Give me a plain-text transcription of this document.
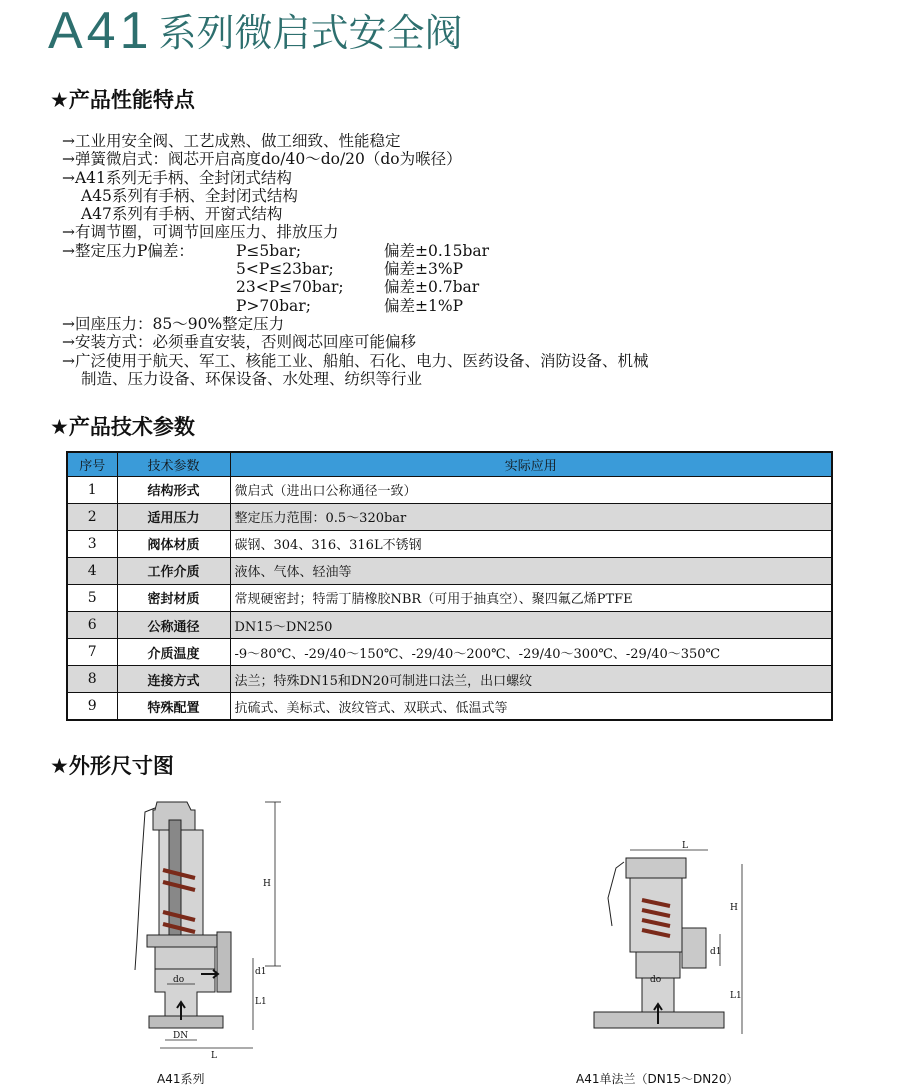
A41 系列微启式安全阀
★产品性能特点
→工业用安全阀、工艺成熟、做工细致、性能稳定
→弹簧微启式：阀芯开启高度do/40～do/20（do为喉径）
→A41系列无手柄、全封闭式结构
A45系列有手柄、全封闭式结构
A47系列有手柄、开窗式结构
→有调节圈，可调节回座压力、排放压力
→整定压力P偏差：	P≤5bar;	偏差±0.15bar
5<P≤23bar;	偏差±3%P
23<P≤70bar;	偏差±0.7bar
P>70bar;	偏差±1%P
→回座压力：85～90%整定压力
→安装方式：必须垂直安装，否则阀芯回座可能偏移
→广泛使用于航天、军工、核能工业、船舶、石化、电力、医药设备、消防设备、机械
制造、压力设备、环保设备、水处理、纺织等行业
★产品技术参数
序号	技术参数	实际应用
1	结构形式	微启式（进出口公称通径一致）
2	适用压力	整定压力范围：0.5～320bar
3	阀体材质	碳钢、304、316、316L不锈钢
4	工作介质	液体、气体、轻油等
5	密封材质	常规硬密封；特需丁腈橡胶NBR（可用于抽真空）、聚四氟乙烯PTFE
6	公称通径	DN15～DN250
7	介质温度	-9～80℃、-29/40～150℃、-29/40～200℃、-29/40～300℃、-29/40～350℃
8	连接方式	法兰；特殊DN15和DN20可制进口法兰，出口螺纹
9	特殊配置	抗硫式、美标式、波纹管式、双联式、低温式等
★外形尺寸图
H
d1
do
L1
DN
L
A41系列
L
H
d1
do
L1
A41单法兰（DN15～DN20）
